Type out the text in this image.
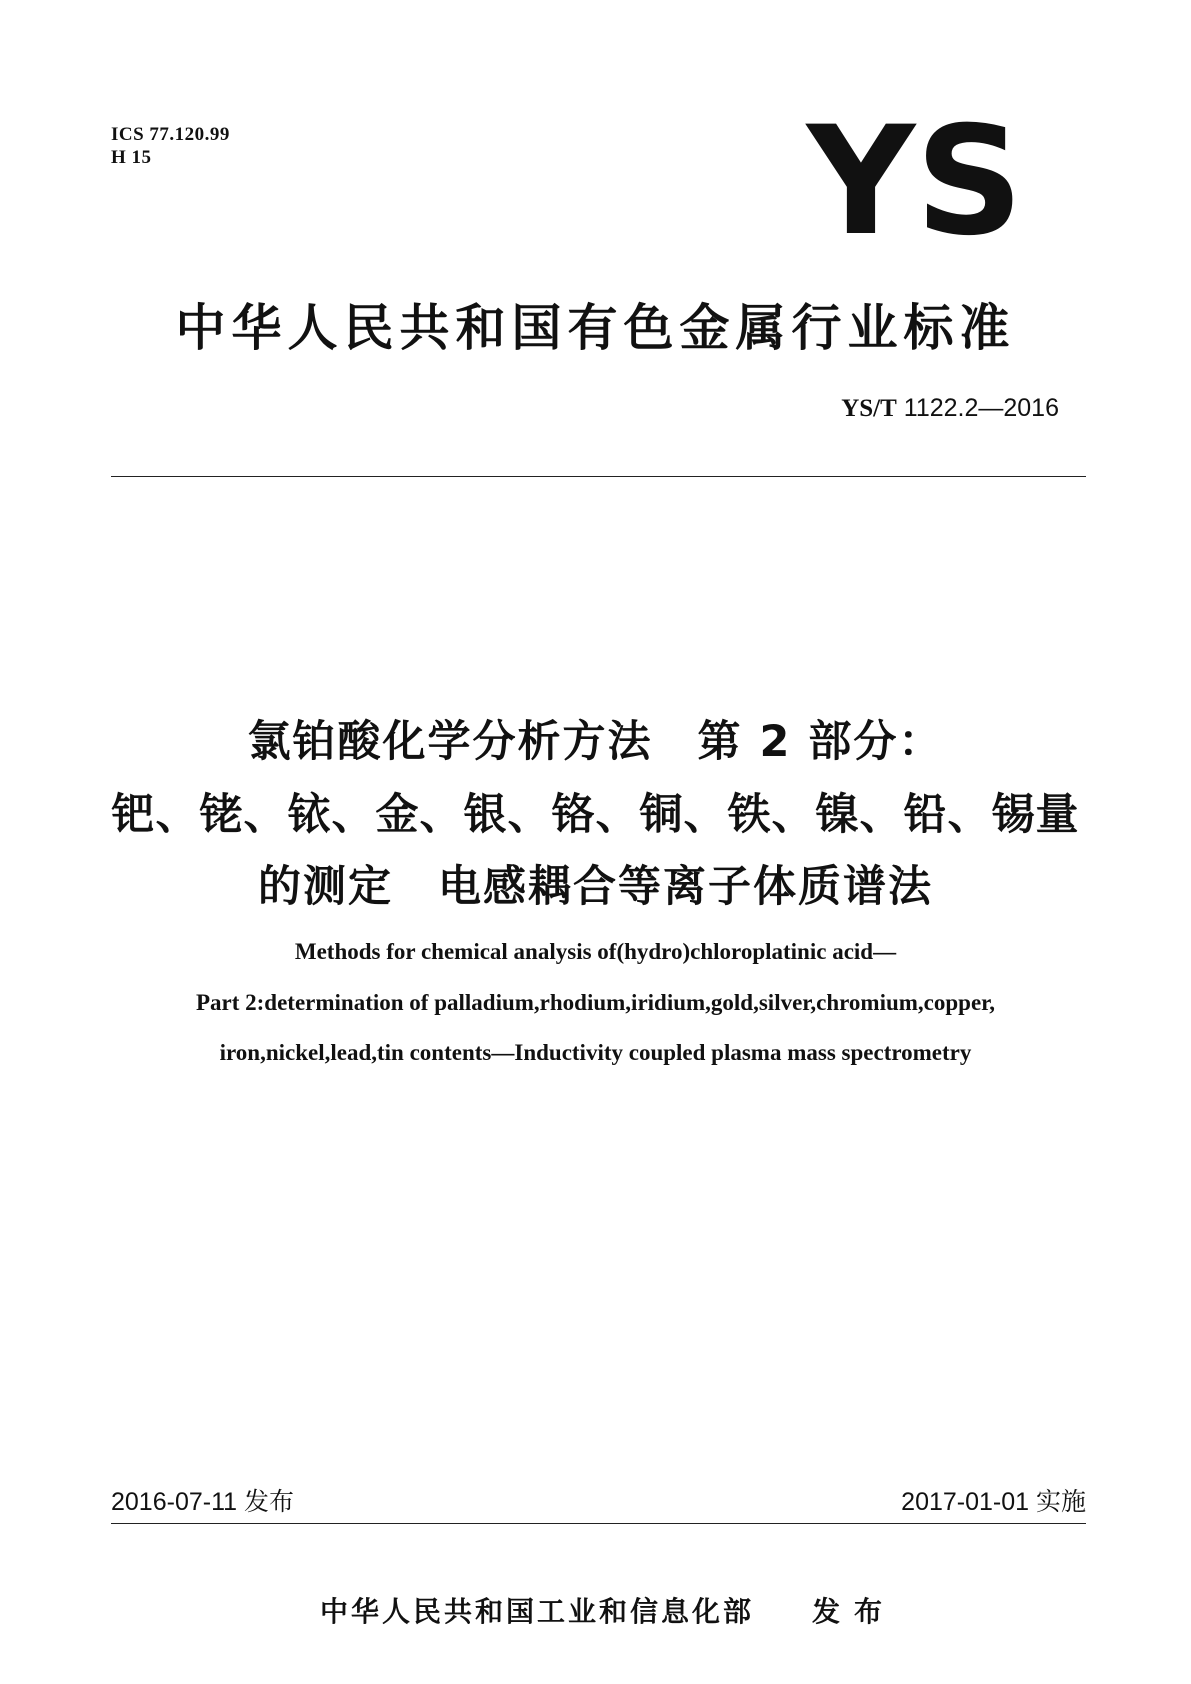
ICS 77.120.99
H 15	YS
中华人民共和国有色金属行业标准
YS/T 1122.2—2016
氯铂酸化学分析方法　第 2 部分：
钯、铑、铱、金、银、铬、铜、铁、镍、铅、锡量
的测定　电感耦合等离子体质谱法
Methods for chemical analysis of(hydro)chloroplatinic acid—
Part 2:determination of palladium,rhodium,iridium,gold,silver,chromium,copper,
iron,nickel,lead,tin contents—Inductivity coupled plasma mass spectrometry
2016-07-11 发布	2017-01-01 实施
中华人民共和国工业和信息化部 发布
